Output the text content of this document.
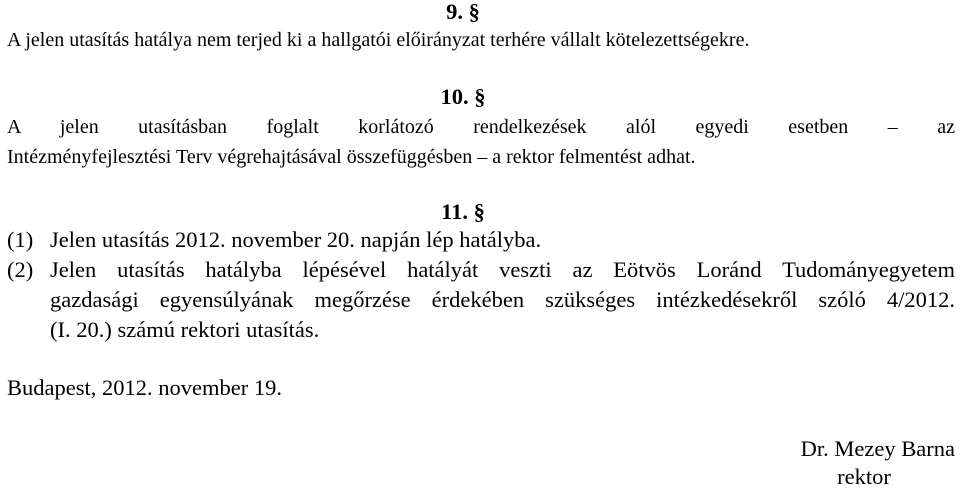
9. §
A jelen utasítás hatálya nem terjed ki a hallgatói előirányzat terhére vállalt kötelezettségekre.
10. §
A jelen utasításban foglalt korlátozó rendelkezések alól egyedi esetben – az
Intézményfejlesztési Terv végrehajtásával összefüggésben – a rektor felmentést adhat.
11. §
(1) Jelen utasítás 2012. november 20. napján lép hatályba.
(2) Jelen utasítás hatályba lépésével hatályát veszti az Eötvös Loránd Tudományegyetem
gazdasági egyensúlyának megőrzése érdekében szükséges intézkedésekről szóló 4/2012.
(I. 20.) számú rektori utasítás.
Budapest, 2012. november 19.
Dr. Mezey Barna
rektor
